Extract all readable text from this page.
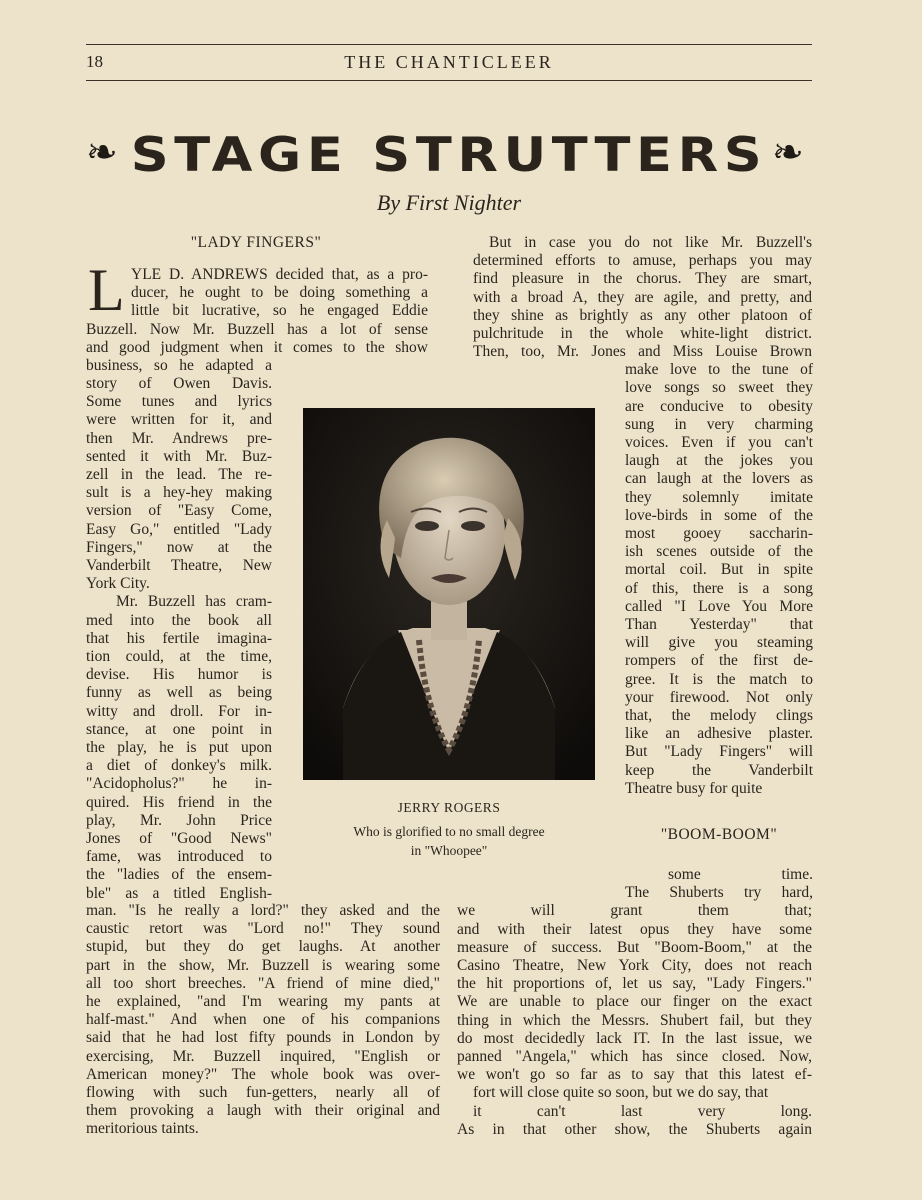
18	THE CHANTICLEER
❧ STAGE STRUTTERS ❧
By First Nighter
"LADY FINGERS"
"BOOM-BOOM"
L YLE D. ANDREWS decided that, as a pro-
ducer, he ought to be doing something a
little bit lucrative, so he engaged Eddie
Buzzell. Now Mr. Buzzell has a lot of sense
and good judgment when it comes to the show
business, so he adapted a
story of Owen Davis.
Some tunes and lyrics
were written for it, and
then Mr. Andrews pre-
sented it with Mr. Buz-
zell in the lead. The re-
sult is a hey-hey making
version of "Easy Come,
Easy Go," entitled "Lady
Fingers," now at the
Vanderbilt Theatre, New
York City.
Mr. Buzzell has cram-
med into the book all
that his fertile imagina-
tion could, at the time,
devise. His humor is
funny as well as being
witty and droll. For in-
stance, at one point in
the play, he is put upon
a diet of donkey's milk.
"Acidopholus?" he in-
quired. His friend in the
play, Mr. John Price
Jones of "Good News"
fame, was introduced to
the "ladies of the ensem-
ble" as a titled English-
man. "Is he really a lord?" they asked and the
caustic retort was "Lord no!" They sound
stupid, but they do get laughs. At another
part in the show, Mr. Buzzell is wearing some
all too short breeches. "A friend of mine died,"
he explained, "and I'm wearing my pants at
half-mast." And when one of his companions
said that he had lost fifty pounds in London by
exercising, Mr. Buzzell inquired, "English or
American money?" The whole book was over-
flowing with such fun-getters, nearly all of
them provoking a laugh with their original and
meritorious taints.
But in case you do not like Mr. Buzzell's
determined efforts to amuse, perhaps you may
find pleasure in the chorus. They are smart,
with a broad A, they are agile, and pretty, and
they shine as brightly as any other platoon of
pulchritude in the whole white-light district.
Then, too, Mr. Jones and Miss Louise Brown
make love to the tune of
love songs so sweet they
are conducive to obesity
sung in very charming
voices. Even if you can't
laugh at the jokes you
can laugh at the lovers as
they solemnly imitate
love-birds in some of the
most gooey saccharin-
ish scenes outside of the
mortal coil. But in spite
of this, there is a song
called "I Love You More
Than Yesterday" that
will give you steaming
rompers of the first de-
gree. It is the match to
your firewood. Not only
that, the melody clings
like an adhesive plaster.
But "Lady Fingers" will
keep the Vanderbilt
Theatre busy for quite
some time.
The Shuberts try hard,
we will grant them that;
and with their latest opus they have some
measure of success. But "Boom-Boom," at the
Casino Theatre, New York City, does not reach
the hit proportions of, let us say, "Lady Fingers."
We are unable to place our finger on the exact
thing in which the Messrs. Shubert fail, but they
do most decidedly lack IT. In the last issue, we
panned "Angela," which has since closed. Now,
we won't go so far as to say that this latest ef-
fort will close quite so soon, but we do say, that
it can't last very long.
As in that other show, the Shuberts again
JERRY ROGERS
Who is glorified to no small degree
in "Whoopee"
